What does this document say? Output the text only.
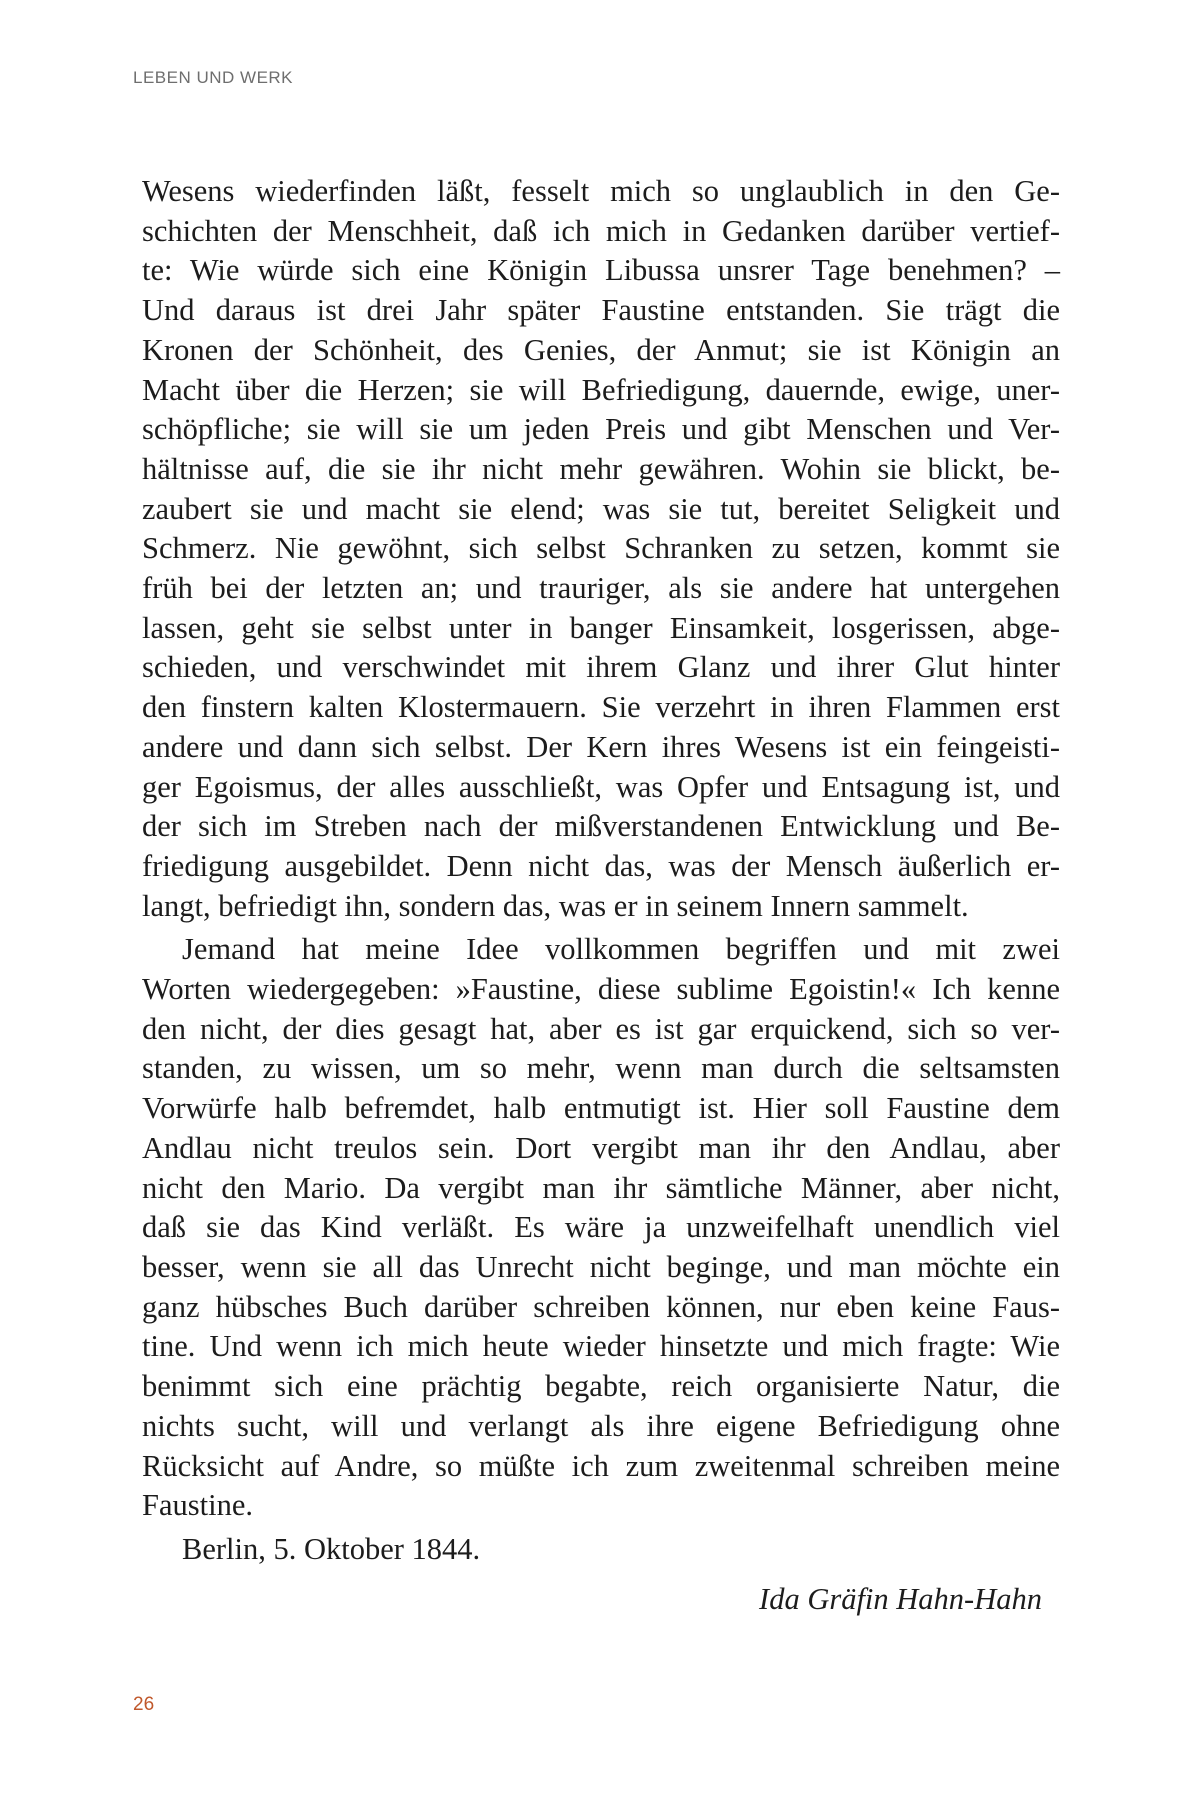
LEBEN UND WERK
Wesens wiederfinden läßt, fesselt mich so unglaublich in den Ge-
schichten der Menschheit, daß ich mich in Gedanken darüber vertief-
te: Wie würde sich eine Königin Libussa unsrer Tage benehmen? –
Und daraus ist drei Jahr später Faustine entstanden. Sie trägt die
Kronen der Schönheit, des Genies, der Anmut; sie ist Königin an
Macht über die Herzen; sie will Befriedigung, dauernde, ewige, uner-
schöpfliche; sie will sie um jeden Preis und gibt Menschen und Ver-
hältnisse auf, die sie ihr nicht mehr gewähren. Wohin sie blickt, be-
zaubert sie und macht sie elend; was sie tut, bereitet Seligkeit und
Schmerz. Nie gewöhnt, sich selbst Schranken zu setzen, kommt sie
früh bei der letzten an; und trauriger, als sie andere hat untergehen
lassen, geht sie selbst unter in banger Einsamkeit, losgerissen, abge-
schieden, und verschwindet mit ihrem Glanz und ihrer Glut hinter
den finstern kalten Klostermauern. Sie verzehrt in ihren Flammen erst
andere und dann sich selbst. Der Kern ihres Wesens ist ein feingeisti-
ger Egoismus, der alles ausschließt, was Opfer und Entsagung ist, und
der sich im Streben nach der mißverstandenen Entwicklung und Be-
friedigung ausgebildet. Denn nicht das, was der Mensch äußerlich er-
langt, befriedigt ihn, sondern das, was er in seinem Innern sammelt.
Jemand hat meine Idee vollkommen begriffen und mit zwei
Worten wiedergegeben: »Faustine, diese sublime Egoistin!« Ich kenne
den nicht, der dies gesagt hat, aber es ist gar erquickend, sich so ver-
standen, zu wissen, um so mehr, wenn man durch die seltsamsten
Vorwürfe halb befremdet, halb entmutigt ist. Hier soll Faustine dem
Andlau nicht treulos sein. Dort vergibt man ihr den Andlau, aber
nicht den Mario. Da vergibt man ihr sämtliche Männer, aber nicht,
daß sie das Kind verläßt. Es wäre ja unzweifelhaft unendlich viel
besser, wenn sie all das Unrecht nicht beginge, und man möchte ein
ganz hübsches Buch darüber schreiben können, nur eben keine Faus-
tine. Und wenn ich mich heute wieder hinsetzte und mich fragte: Wie
benimmt sich eine prächtig begabte, reich organisierte Natur, die
nichts sucht, will und verlangt als ihre eigene Befriedigung ohne
Rücksicht auf Andre, so müßte ich zum zweitenmal schreiben meine
Faustine.
Berlin, 5. Oktober 1844.
Ida Gräfin Hahn-Hahn
26
